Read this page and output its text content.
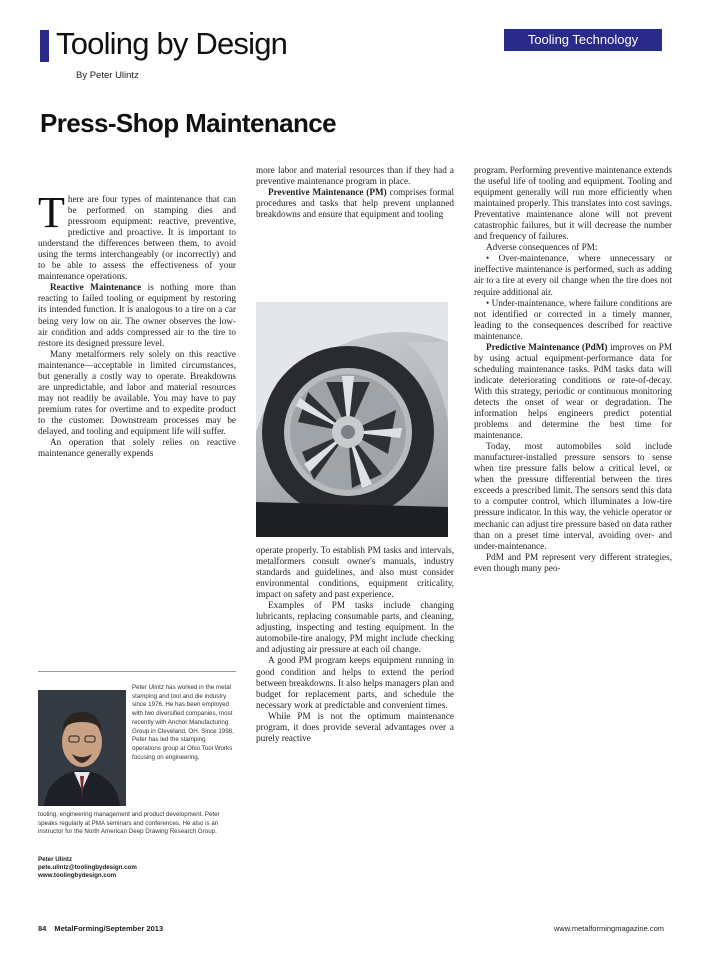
Tooling by Design
By Peter Ulintz
Tooling Technology
Press-Shop Maintenance

There are four types of maintenance that can be performed on stamping dies and pressroom equipment: reactive, preventive, predictive and proactive. It is important to understand the differences between them, to avoid using the terms interchangeably (or incorrectly) and to be able to assess the effectiveness of your maintenance operations.

Reactive Maintenance is nothing more than reacting to failed tooling or equipment by restoring its intended function. It is analogous to a tire on a car being very low on air. The owner observes the low-air condition and adds compressed air to the tire to restore its designed pressure level.

Many metalformers rely solely on this reactive maintenance—acceptable in limited circumstances, but generally a costly way to operate. Breakdowns are unpredictable, and labor and material resources may not readily be available. You may have to pay premium rates for overtime and to expedite product to the customer. Downstream processes may be delayed, and tooling and equipment life will suffer.

An operation that solely relies on reactive maintenance generally expends

more labor and material resources than if they had a preventive maintenance program in place.

Preventive Maintenance (PM) comprises formal procedures and tasks that help prevent unplanned breakdowns and ensure that equipment and tooling

operate properly. To establish PM tasks and intervals, metalformers consult owner's manuals, industry standards and guidelines, and also must consider environmental conditions, equipment criticality, impact on safety and past experience.

Examples of PM tasks include changing lubricants, replacing consumable parts, and cleaning, adjusting, inspecting and testing equipment. In the automobile-tire analogy, PM might include checking and adjusting air pressure at each oil change.

A good PM program keeps equipment running in good condition and helps to extend the period between breakdowns. It also helps managers plan and budget for replacement parts, and schedule the necessary work at predictable and convenient times.

While PM is not the optimum maintenance program, it does provide several advantages over a purely reactive

program. Performing preventive maintenance extends the useful life of tooling and equipment. Tooling and equipment generally will run more efficiently when maintained properly. This translates into cost savings. Preventative maintenance alone will not prevent catastrophic failures, but it will decrease the number and frequency of failures.

Adverse consequences of PM:

• Over-maintenance, where unnecessary or ineffective maintenance is performed, such as adding air to a tire at every oil change when the tire does not require additional air.

• Under-maintenance, where failure conditions are not identified or corrected in a timely manner, leading to the consequences described for reactive maintenance.

Predictive Maintenance (PdM) improves on PM by using actual equipment-performance data for scheduling maintenance tasks. PdM tasks data will indicate deteriorating conditions or rate-of-decay. With this strategy, periodic or continuous monitoring detects the onset of wear or degradation. The information helps engineers predict potential problems and determine the best time for maintenance.

Today, most automobiles sold include manufacturer-installed pressure sensors to sense when tire pressure falls below a critical level, or when the pressure differential between the tires exceeds a prescribed limit. The sensors send this data to a computer control, which illuminates a low-tire pressure indicator. In this way, the vehicle operator or mechanic can adjust tire pressure based on data rather than on a preset time interval, avoiding over- and under-maintenance.

PdM and PM represent very different strategies, even though many peo-

Peter Ulintz has worked in the metal stamping and tool and die industry since 1976. He has been employed with two diversified companies, most recently with Anchor Manufacturing Group in Cleveland, OH. Since 1998, Peter has led the stamping operations group at Ohio Tool Works focusing on engineering,
tooling, engineering management and product development. Peter speaks regularly at PMA seminars and conferences. He also is an instructor for the North American Deep Drawing Research Group.
Peter Ulintz
pete.ulintz@toolingbydesign.com
www.toolingbydesign.com
84 MetalForming/September 2013	www.metalformingmagazine.com
